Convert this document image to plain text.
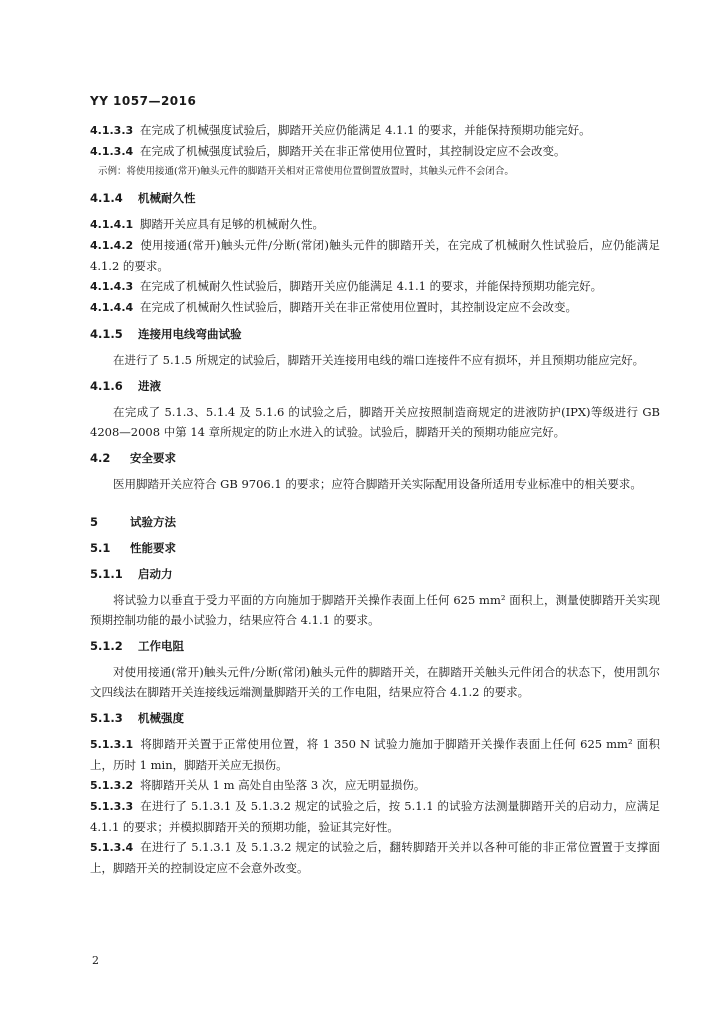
YY 1057—2016

4.1.3.3 在完成了机械强度试验后，脚踏开关应仍能满足 4.1.1 的要求，并能保持预期功能完好。

4.1.3.4 在完成了机械强度试验后，脚踏开关在非正常使用位置时，其控制设定应不会改变。

示例：将使用接通(常开)触头元件的脚踏开关相对正常使用位置倒置放置时，其触头元件不会闭合。

4.1.4 机械耐久性

4.1.4.1 脚踏开关应具有足够的机械耐久性。

4.1.4.2 使用接通(常开)触头元件/分断(常闭)触头元件的脚踏开关，在完成了机械耐久性试验后，应仍能满足 4.1.2 的要求。

4.1.4.3 在完成了机械耐久性试验后，脚踏开关应仍能满足 4.1.1 的要求，并能保持预期功能完好。

4.1.4.4 在完成了机械耐久性试验后，脚踏开关在非正常使用位置时，其控制设定应不会改变。

4.1.5 连接用电线弯曲试验

在进行了 5.1.5 所规定的试验后，脚踏开关连接用电线的端口连接件不应有损坏，并且预期功能应完好。

4.1.6 进液

在完成了 5.1.3、5.1.4 及 5.1.6 的试验之后，脚踏开关应按照制造商规定的进液防护(IPX)等级进行 GB 4208—2008 中第 14 章所规定的防止水进入的试验。试验后，脚踏开关的预期功能应完好。

4.2 安全要求

医用脚踏开关应符合 GB 9706.1 的要求；应符合脚踏开关实际配用设备所适用专业标准中的相关要求。

5	试验方法
5.1 性能要求
5.1.1 启动力

将试验力以垂直于受力平面的方向施加于脚踏开关操作表面上任何 625 mm² 面积上，测量使脚踏开关实现预期控制功能的最小试验力，结果应符合 4.1.1 的要求。

5.1.2 工作电阻

对使用接通(常开)触头元件/分断(常闭)触头元件的脚踏开关，在脚踏开关触头元件闭合的状态下，使用凯尔文四线法在脚踏开关连接线远端测量脚踏开关的工作电阻，结果应符合 4.1.2 的要求。

5.1.3 机械强度

5.1.3.1 将脚踏开关置于正常使用位置，将 1 350 N 试验力施加于脚踏开关操作表面上任何 625 mm² 面积上，历时 1 min，脚踏开关应无损伤。

5.1.3.2 将脚踏开关从 1 m 高处自由坠落 3 次，应无明显损伤。

5.1.3.3 在进行了 5.1.3.1 及 5.1.3.2 规定的试验之后，按 5.1.1 的试验方法测量脚踏开关的启动力，应满足 4.1.1 的要求；并模拟脚踏开关的预期功能，验证其完好性。

5.1.3.4 在进行了 5.1.3.1 及 5.1.3.2 规定的试验之后，翻转脚踏开关并以各种可能的非正常位置置于支撑面上，脚踏开关的控制设定应不会意外改变。

2
